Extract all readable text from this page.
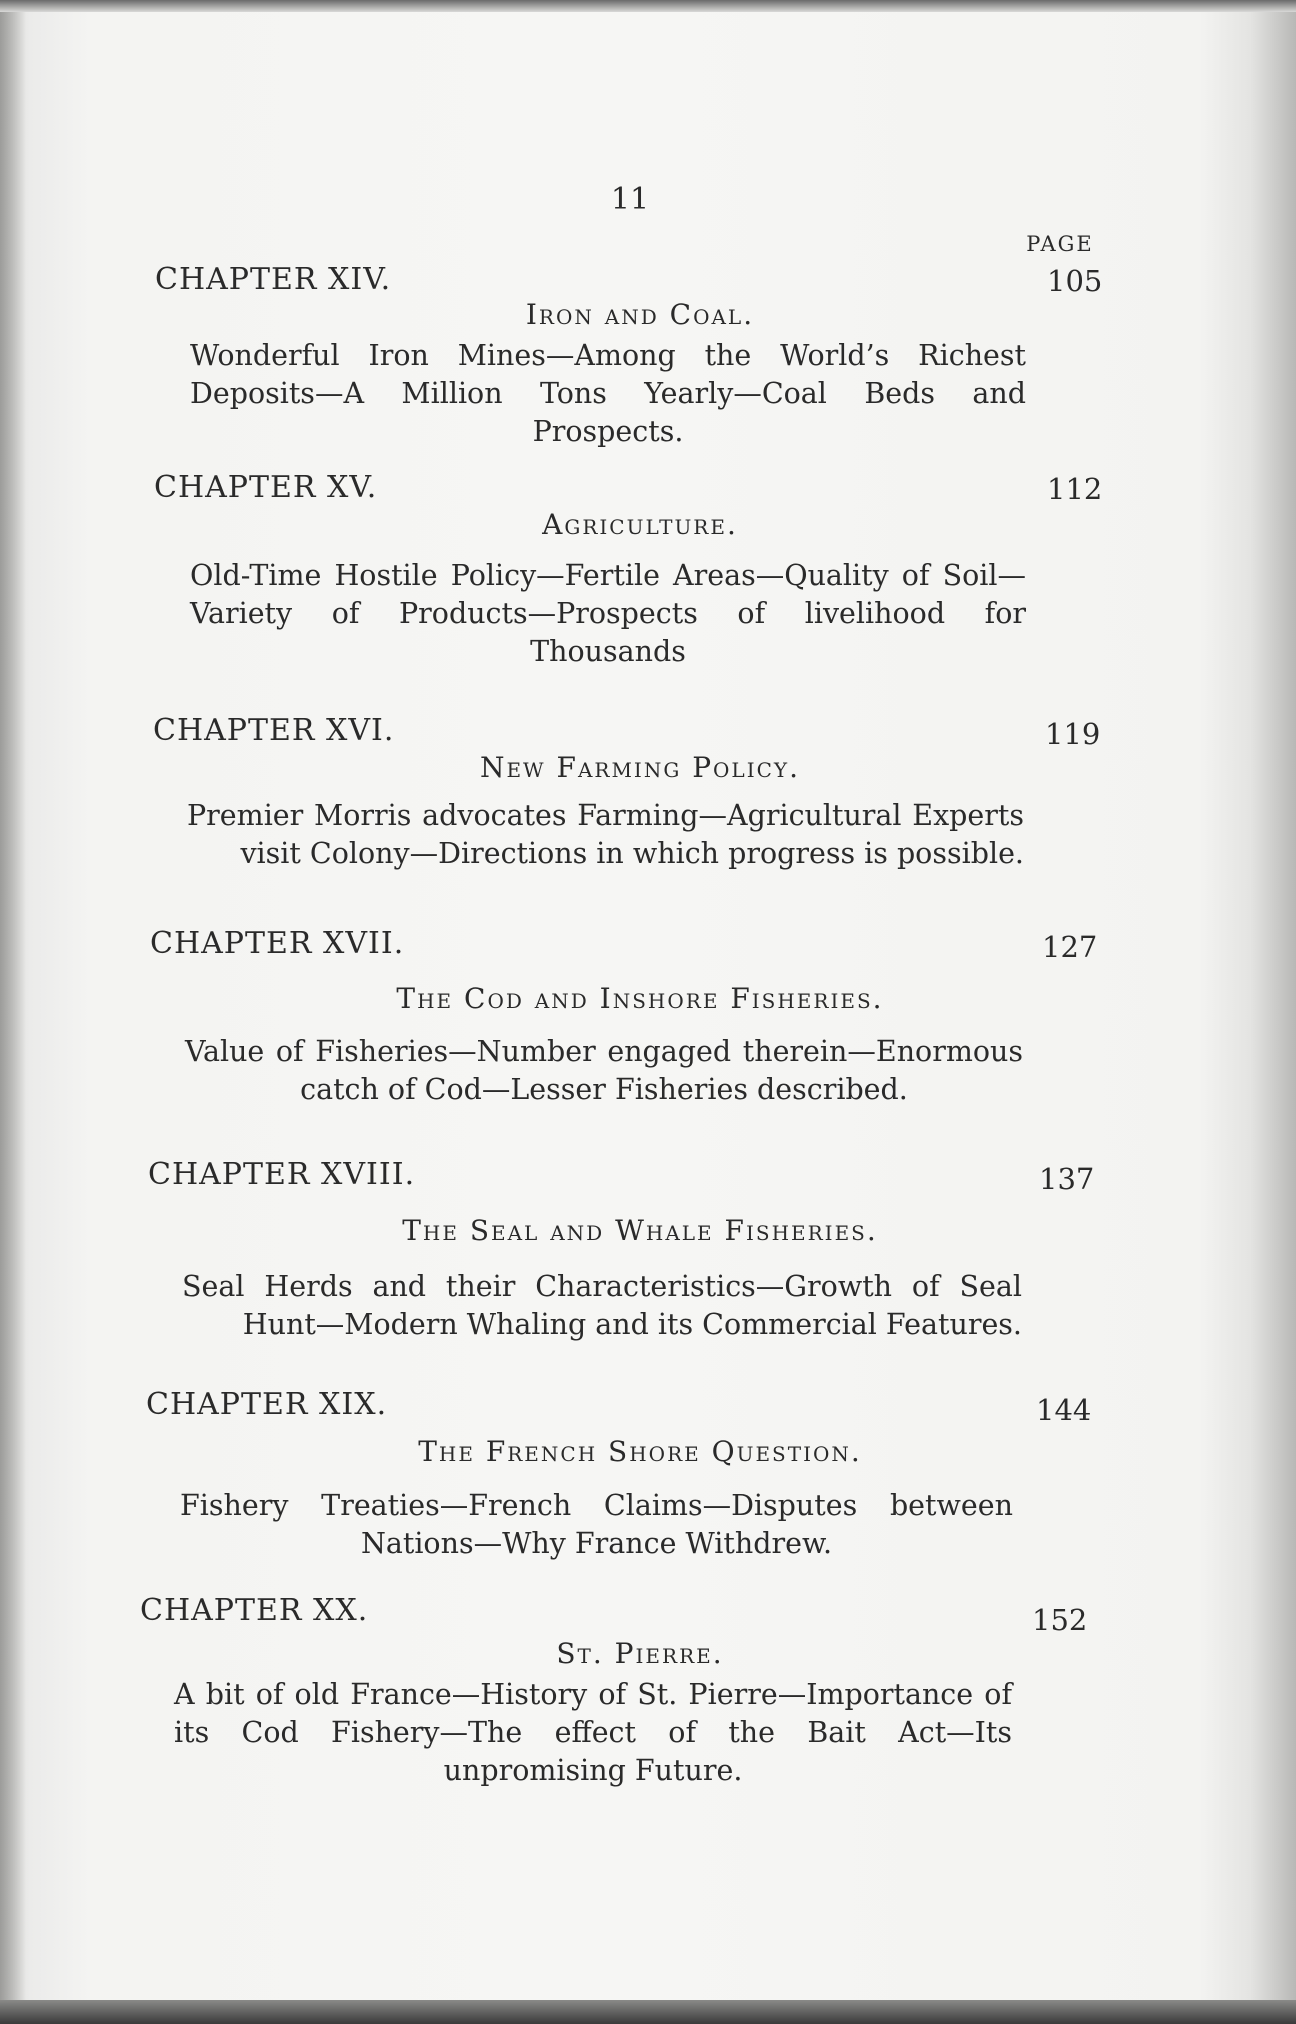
11
PAGE
CHAPTER XIV.	105
Iron and Coal.
Wonderful Iron Mines—Among the World’s Richest Deposits—A Million Tons Yearly—Coal Beds and Prospects.
CHAPTER XV.	112
Agriculture.
Old-Time Hostile Policy—Fertile Areas—Quality of Soil—Variety of Products—Prospects of livelihood for Thousands
CHAPTER XVI.	119
New Farming Policy.
Premier Morris advocates Farming—Agricultural Experts visit Colony—Directions in which progress is possible.
CHAPTER XVII.	127
The Cod and Inshore Fisheries.
Value of Fisheries—Number engaged therein—Enormous catch of Cod—Lesser Fisheries described.
CHAPTER XVIII.	137
The Seal and Whale Fisheries.
Seal Herds and their Characteristics—Growth of Seal Hunt—Modern Whaling and its Commercial Features.
CHAPTER XIX.	144
The French Shore Question.
Fishery Treaties—French Claims—Disputes between Nations—Why France Withdrew.
CHAPTER XX.	152
St. Pierre.
A bit of old France—History of St. Pierre—Importance of its Cod Fishery—The effect of the Bait Act—Its unpromising Future.
